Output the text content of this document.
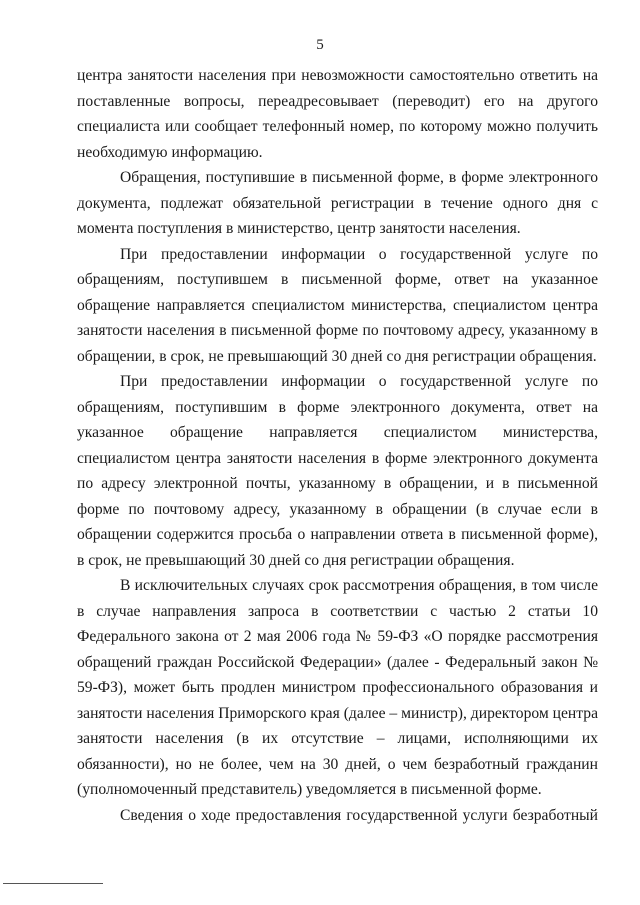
5

центра занятости населения при невозможности самостоятельно ответить на поставленные вопросы, переадресовывает (переводит) его на другого специалиста или сообщает телефонный номер, по которому можно получить необходимую информацию.

Обращения, поступившие в письменной форме, в форме электронного документа, подлежат обязательной регистрации в течение одного дня с момента поступления в министерство, центр занятости населения.

При предоставлении информации о государственной услуге по обращениям, поступившем в письменной форме, ответ на указанное обращение направляется специалистом министерства, специалистом центра занятости населения в письменной форме по почтовому адресу, указанному в обращении, в срок, не превышающий 30 дней со дня регистрации обращения.

При предоставлении информации о государственной услуге по обращениям, поступившим в форме электронного документа, ответ на указанное обращение направляется специалистом министерства, специалистом центра занятости населения в форме электронного документа по адресу электронной почты, указанному в обращении, и в письменной форме по почтовому адресу, указанному в обращении (в случае если в обращении содержится просьба о направлении ответа в письменной форме), в срок, не превышающий 30 дней со дня регистрации обращения.

В исключительных случаях срок рассмотрения обращения, в том числе в случае направления запроса в соответствии с частью 2 статьи 10 Федерального закона от 2 мая 2006 года № 59-ФЗ «О порядке рассмотрения обращений граждан Российской Федерации» (далее - Федеральный закон № 59-ФЗ), может быть продлен министром профессионального образования и занятости населения Приморского края (далее – министр), директором центра занятости населения (в их отсутствие – лицами, исполняющими их обязанности), но не более, чем на 30 дней, о чем безработный гражданин (уполномоченный представитель) уведомляется в письменной форме.

Сведения о ходе предоставления государственной услуги безработный
